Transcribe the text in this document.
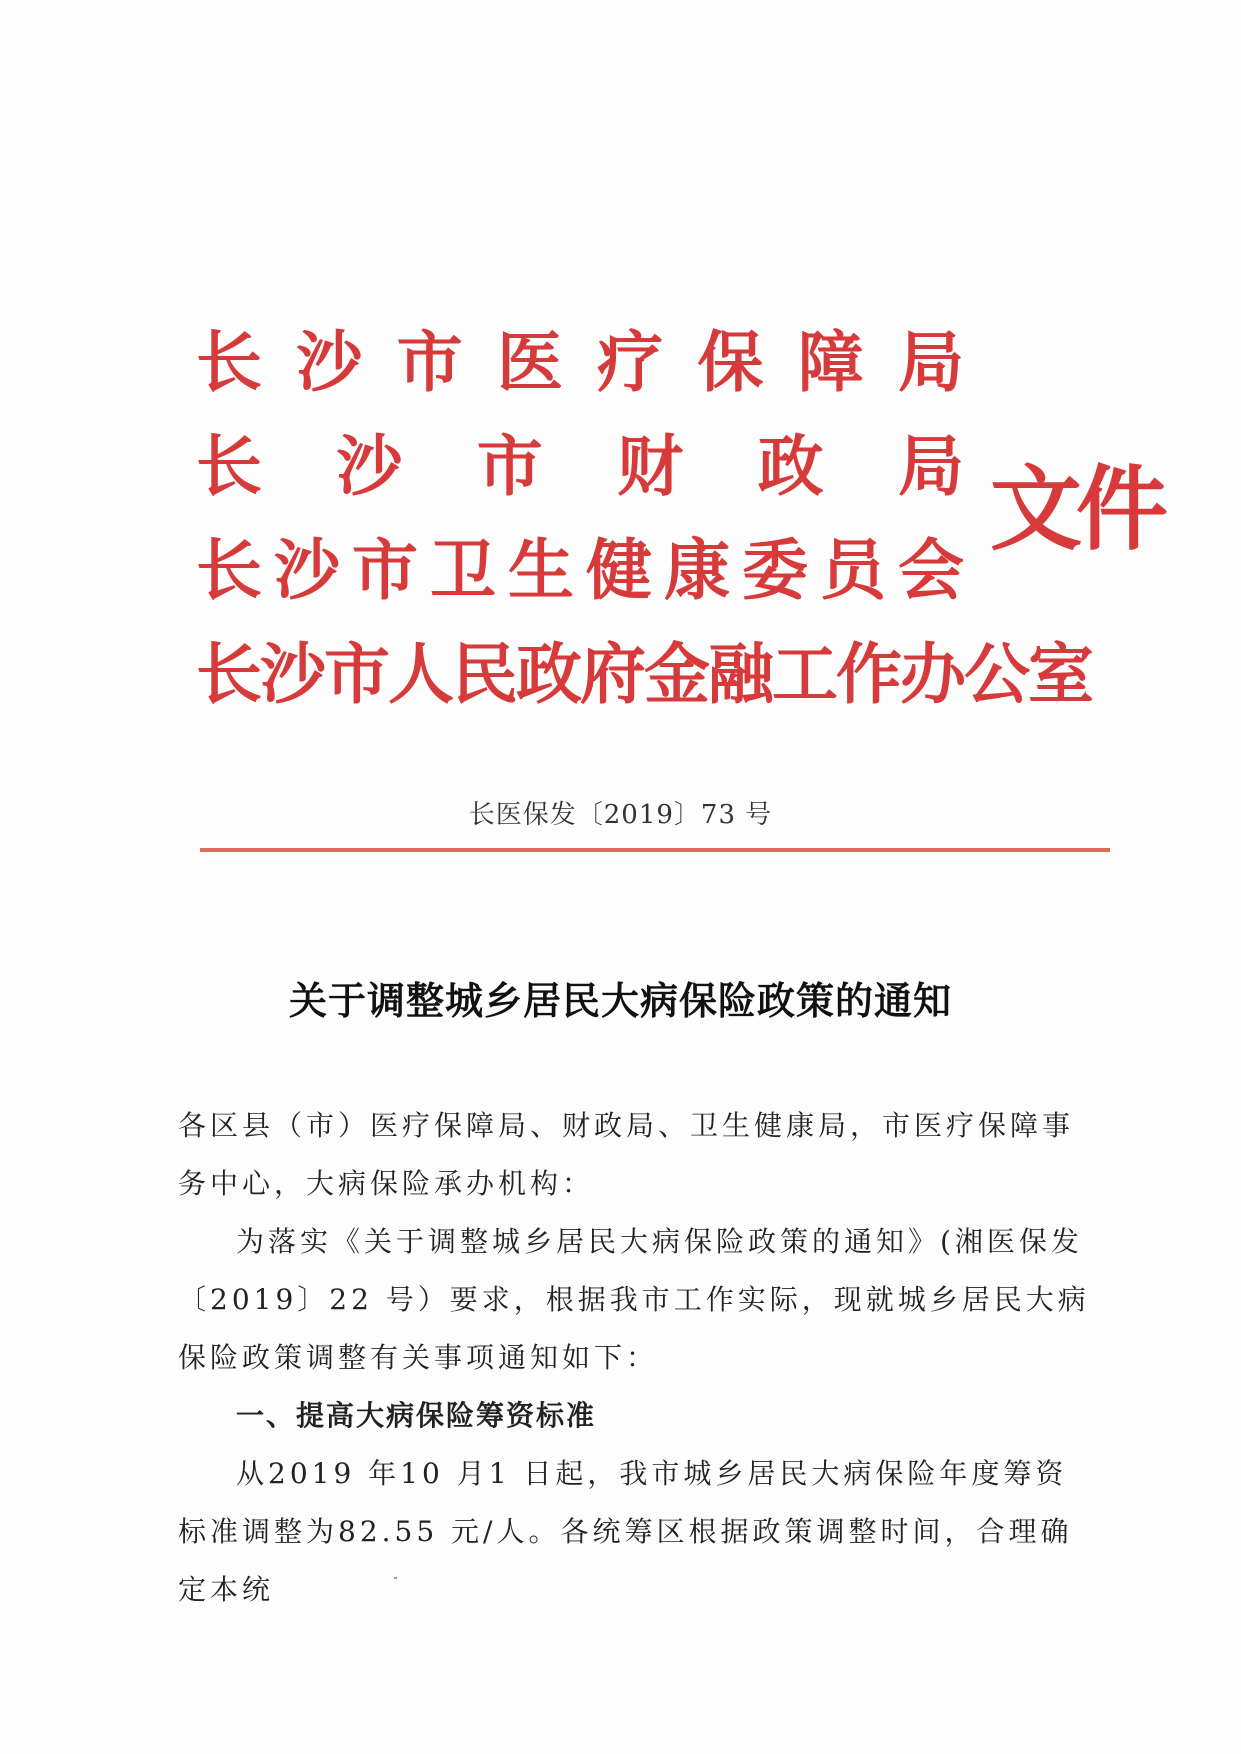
长 沙 市 医 疗 保 障 局
长 沙 市 财 政 局
长 沙 市 卫 生 健 康 委 员 会
长沙市人民政府金融工作办公室
文件
长医保发〔2019〕73 号
关于调整城乡居民大病保险政策的通知

各区县（市）医疗保障局、财政局、卫生健康局，市医疗保障事务中心，大病保险承办机构：

为落实《关于调整城乡居民大病保险政策的通知》(湘医保发〔2019〕22 号）要求，根据我市工作实际，现就城乡居民大病保险政策调整有关事项通知如下：

一、提高大病保险筹资标准

从2019 年10 月1 日起，我市城乡居民大病保险年度筹资标准调整为82.55 元/人。各统筹区根据政策调整时间，合理确定本统
